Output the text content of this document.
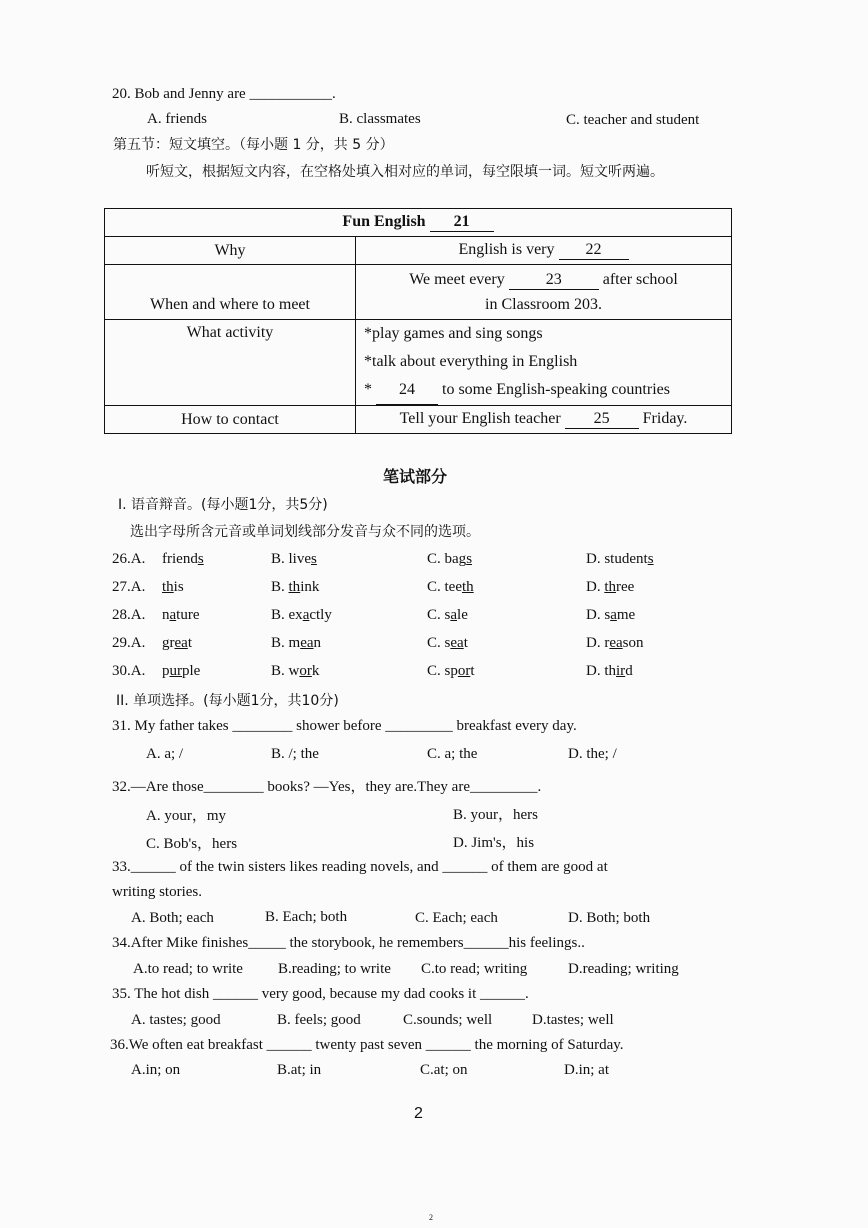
20. Bob and Jenny are ___________.
A. friends	B. classmates	C. teacher and student
第五节：短文填空。（每小题 1 分，共 5 分）
听短文，根据短文内容，在空格处填入相对应的单词，每空限填一词。短文听两遍。
Fun English 21	
Why	English is very 22
When and where to meet	We meet every 23 after school
in Classroom 203.

What activity	*play games and sing songs
*talk about everything in English
* 24 to some English-speaking countries

How to contact	Tell your English teacher 25 Friday.
笔试部分
I. 语音辩音。(每小题1分，共5分)
选出字母所含元音或单词划线部分发音与众不同的选项。
26.A. friends	B. lives	C. bags	D. students
27.A. this	B. think	C. teeth	D. three
28.A. nature	B. exactly	C. sale	D. same
29.A. great	B. mean	C. seat	D. reason
30.A. purple	B. work	C. sport	D. third
II. 单项选择。(每小题1分，共10分)
31. My father takes ________ shower before _________ breakfast every day.
A. a; /	B. /; the	C. a; the	D. the; /
32.—Are those________ books? —Yes，they are.They are_________.
A. your，my	B. your，hers
C. Bob's，hers	D. Jim's，his
33.______ of the twin sisters likes reading novels, and ______ of them are good at
writing stories.
A. Both; each	B. Each; both	C. Each; each	D. Both; both
34.After Mike finishes_____ the storybook, he remembers______his feelings..
A.to read; to write B.reading; to write C.to read; writing	D.reading; writing
35. The hot dish ______ very good, because my dad cooks it ______.
A. tastes; good	B. feels; good	C.sounds; well	D.tastes; well
36.We often eat breakfast ______ twenty past seven ______ the morning of Saturday.
A.in; on	B.at; in	C.at; on	D.in; at
2
2
